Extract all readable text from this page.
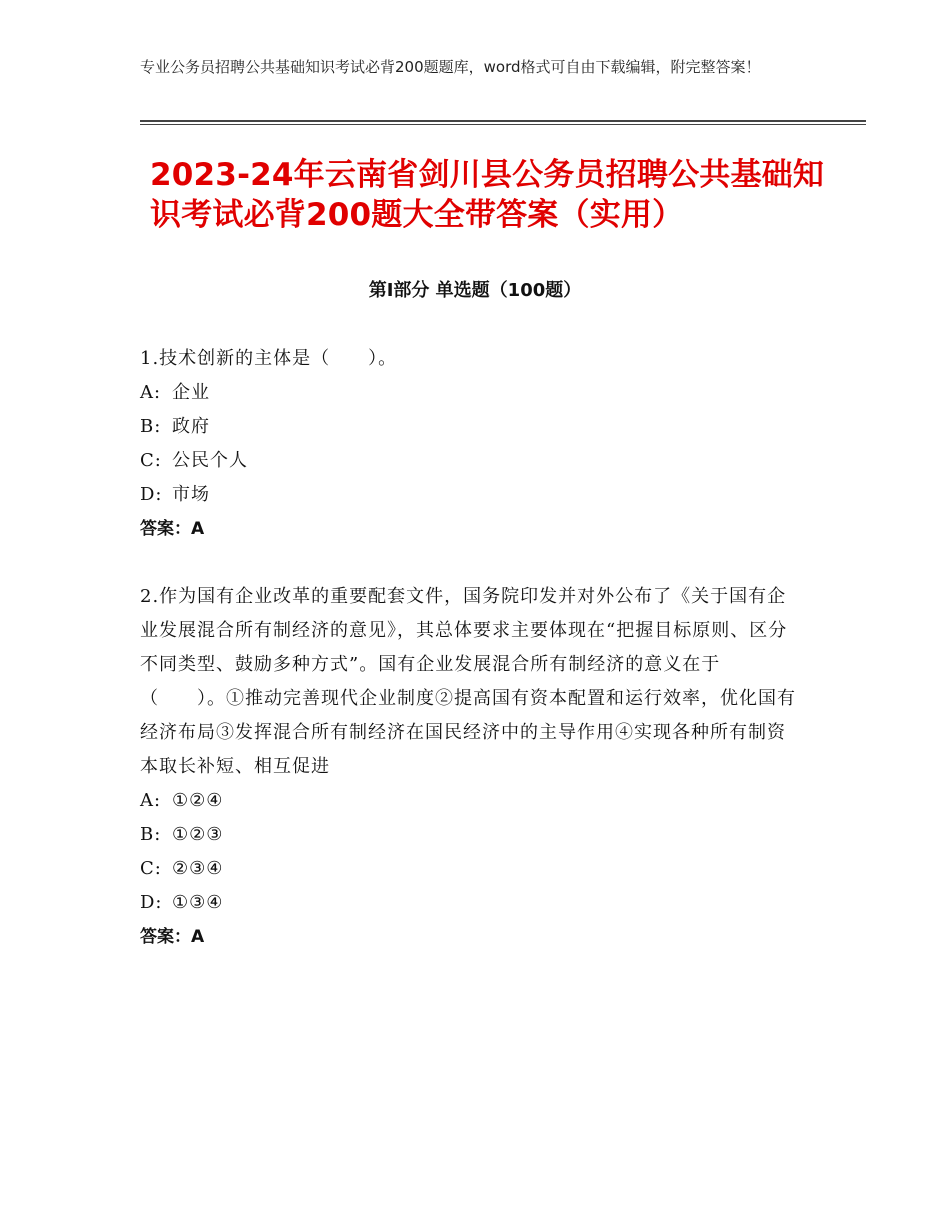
专业公务员招聘公共基础知识考试必背200题题库，word格式可自由下载编辑，附完整答案！
2023-24年云南省剑川县公务员招聘公共基础知识考试必背200题大全带答案（实用）
第Ⅰ部分 单选题（100题）

1.技术创新的主体是（　　）。

A: 企业

B: 政府

C: 公民个人

D: 市场

答案：A

2.作为国有企业改革的重要配套文件，国务院印发并对外公布了《关于国有企业发展混合所有制经济的意见》，其总体要求主要体现在“把握目标原则、区分不同类型、鼓励多种方式”。国有企业发展混合所有制经济的意义在于（　　）。①推动完善现代企业制度②提高国有资本配置和运行效率，优化国有经济布局③发挥混合所有制经济在国民经济中的主导作用④实现各种所有制资本取长补短、相互促进

A: ①②④

B: ①②③

C: ②③④

D: ①③④

答案：A
